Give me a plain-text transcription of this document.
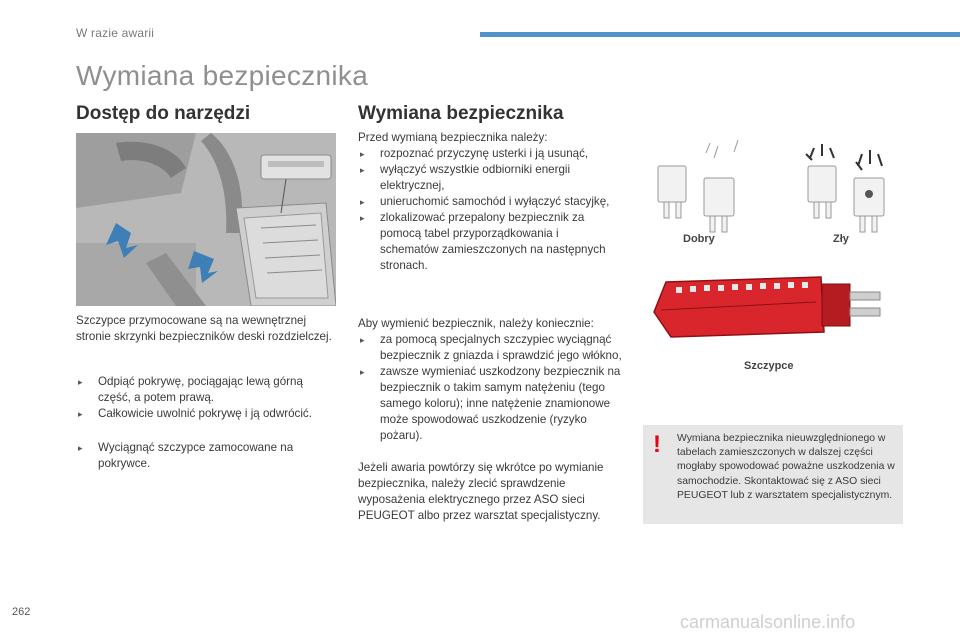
W razie awarii
Wymiana bezpiecznika
Dostęp do narzędzi

Szczypce przymocowane są na wewnętrznej stronie skrzynki bezpieczników deski rozdzielczej.

▸ Odpiąć pokrywę, pociągając lewą górną część, a potem prawą.
▸ Całkowicie uwolnić pokrywę i ją odwrócić.
▸ Wyciągnąć szczypce zamocowane na pokrywce.
Wymiana bezpiecznika

Przed wymianą bezpiecznika należy:

▸ rozpoznać przyczynę usterki i ją usunąć,
▸ wyłączyć wszystkie odbiorniki energii elektrycznej,
▸ unieruchomić samochód i wyłączyć stacyjkę,
▸ zlokalizować przepalony bezpiecznik za pomocą tabel przyporządkowania i schematów zamieszczonych na następnych stronach.

Aby wymienić bezpiecznik, należy koniecznie:

▸ za pomocą specjalnych szczypiec wyciągnąć bezpiecznik z gniazda i sprawdzić jego włókno,
▸ zawsze wymieniać uszkodzony bezpiecznik na bezpiecznik o takim samym natężeniu (tego samego koloru); inne natężenie znamionowe może spowodować uszkodzenie (ryzyko pożaru).

Jeżeli awaria powtórzy się wkrótce po wymianie bezpiecznika, należy zlecić sprawdzenie wyposażenia elektrycznego przez ASO sieci PEUGEOT albo przez warsztat specjalistyczny.

Dobry	Zły
Szczypce
! Wymiana bezpiecznika nieuwzględnionego w tabelach zamieszczonych w dalszej części mogłaby spowodować poważne uszkodzenia w samochodzie. Skontaktować się z ASO sieci PEUGEOT lub z warsztatem specjalistycznym.
262	carmanualsonline.info
